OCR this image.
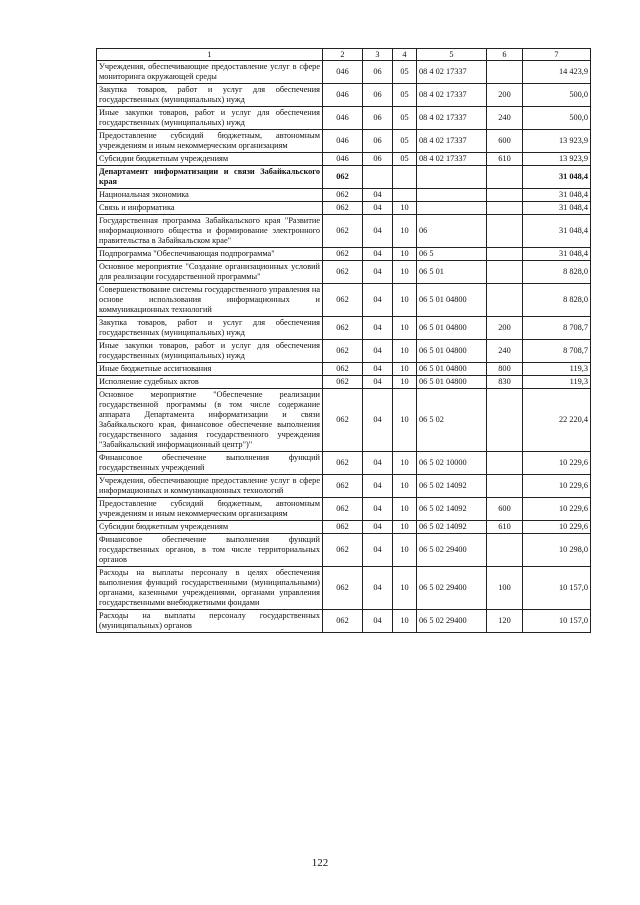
1	2	3	4	5	6	7
Учреждения, обеспечивающие предоставление услуг в сфере мониторинга окружающей среды	046	06	05	08 4 02 17337		14 423,9
Закупка товаров, работ и услуг для обеспечения государственных (муниципальных) нужд	046	06	05	08 4 02 17337	200	500,0
Иные закупки товаров, работ и услуг для обеспечения государственных (муниципальных) нужд	046	06	05	08 4 02 17337	240	500,0
Предоставление субсидий бюджетным, автономным учреждениям и иным некоммерческим организациям	046	06	05	08 4 02 17337	600	13 923,9
Субсидии бюджетным учреждениям	046	06	05	08 4 02 17337	610	13 923,9
Департамент информатизации и связи Забайкальского края	062					31 048,4
Национальная экономика	062	04				31 048,4
Связь и информатика	062	04	10			31 048,4
Государственная программа Забайкальского края "Развитие информационного общества и формирование электронного правительства в Забайкальском крае"	062	04	10	06		31 048,4
Подпрограмма "Обеспечивающая подпрограмма"	062	04	10	06 5		31 048,4
Основное мероприятие "Создание организационных условий для реализации государственной программы"	062	04	10	06 5 01		8 828,0
Совершенствование системы государственного управления на основе использования информационных и коммуникационных технологий	062	04	10	06 5 01 04800		8 828,0
Закупка товаров, работ и услуг для обеспечения государственных (муниципальных) нужд	062	04	10	06 5 01 04800	200	8 708,7
Иные закупки товаров, работ и услуг для обеспечения государственных (муниципальных) нужд	062	04	10	06 5 01 04800	240	8 708,7
Иные бюджетные ассигнования	062	04	10	06 5 01 04800	800	119,3
Исполнение судебных актов	062	04	10	06 5 01 04800	830	119,3
Основное мероприятие "Обеспечение реализации государственной программы (в том числе содержание аппарата Департамента информатизации и связи Забайкальского края, финансовое обеспечение выполнения государственного задания государственного учреждения "Забайкальский информационный центр")"	062	04	10	06 5 02		22 220,4
Финансовое обеспечение выполнения функций государственных учреждений	062	04	10	06 5 02 10000		10 229,6
Учреждения, обеспечивающие предоставление услуг в сфере информационных и коммуникационных технологий	062	04	10	06 5 02 14092		10 229,6
Предоставление субсидий бюджетным, автономным учреждениям и иным некоммерческим организациям	062	04	10	06 5 02 14092	600	10 229,6
Субсидии бюджетным учреждениям	062	04	10	06 5 02 14092	610	10 229,6
Финансовое обеспечение выполнения функций государственных органов, в том числе территориальных органов	062	04	10	06 5 02 29400		10 298,0
Расходы на выплаты персоналу в целях обеспечения выполнения функций государственными (муниципальными) органами, казенными учреждениями, органами управления государственными внебюджетными фондами	062	04	10	06 5 02 29400	100	10 157,0
Расходы на выплаты персоналу государственных (муниципальных) органов	062	04	10	06 5 02 29400	120	10 157,0
122
